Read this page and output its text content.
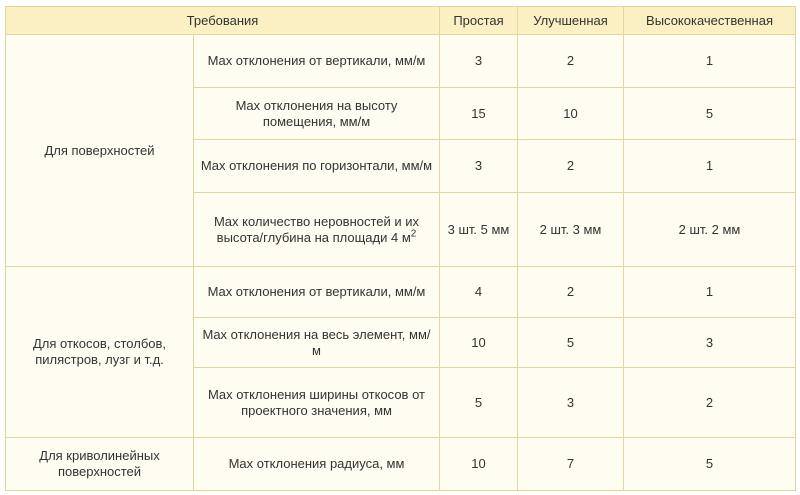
Требования		Простая	Улучшенная	Высококачественная
Для поверхностей	Max отклонения от вертикали, мм/м	3	2	1
	Max отклонения на высоту помещения, мм/м	15	10	5
	Max отклонения по горизонтали, мм/м	3	2	1
	Max количество неровностей и их высота/глубина на площади 4 $м^2$	3 шт. 5 мм	2 шт. 3 мм	2 шт. 2 мм
Для откосов, столбов, пилястров, лузг и т.д.	Max отклонения от вертикали, мм/м	4	2	1
	Max отклонения на весь элемент, мм/м	10	5	3
	Max отклонения ширины откосов от проектного значения, мм	5	3	2
Для криволинейных поверхностей	Max отклонения радиуса, мм	10	7	5
